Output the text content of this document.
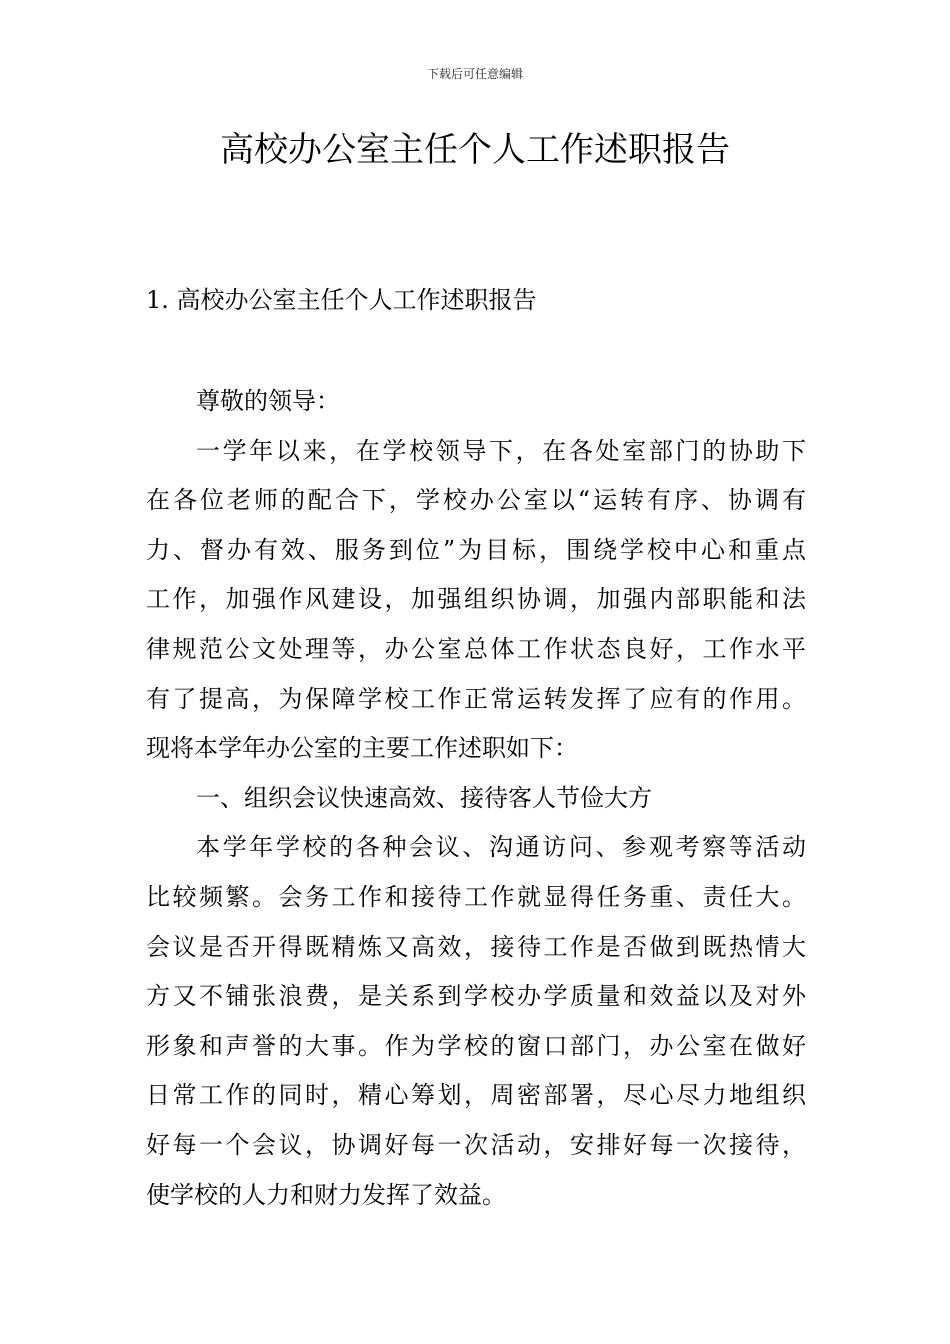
下载后可任意编辑
高校办公室主任个人工作述职报告
1. 高校办公室主任个人工作述职报告
尊敬的领导：
一学年以来，在学校领导下，在各处室部门的协助下
在各位老师的配合下，学校办公室以“运转有序、协调有
力、督办有效、服务到位”为目标，围绕学校中心和重点
工作，加强作风建设，加强组织协调，加强内部职能和法
律规范公文处理等，办公室总体工作状态良好，工作水平
有了提高，为保障学校工作正常运转发挥了应有的作用。
现将本学年办公室的主要工作述职如下：
一、组织会议快速高效、接待客人节俭大方
本学年学校的各种会议、沟通访问、参观考察等活动
比较频繁。会务工作和接待工作就显得任务重、责任大。
会议是否开得既精炼又高效，接待工作是否做到既热情大
方又不铺张浪费，是关系到学校办学质量和效益以及对外
形象和声誉的大事。作为学校的窗口部门，办公室在做好
日常工作的同时，精心筹划，周密部署，尽心尽力地组织
好每一个会议，协调好每一次活动，安排好每一次接待，
使学校的人力和财力发挥了效益。
